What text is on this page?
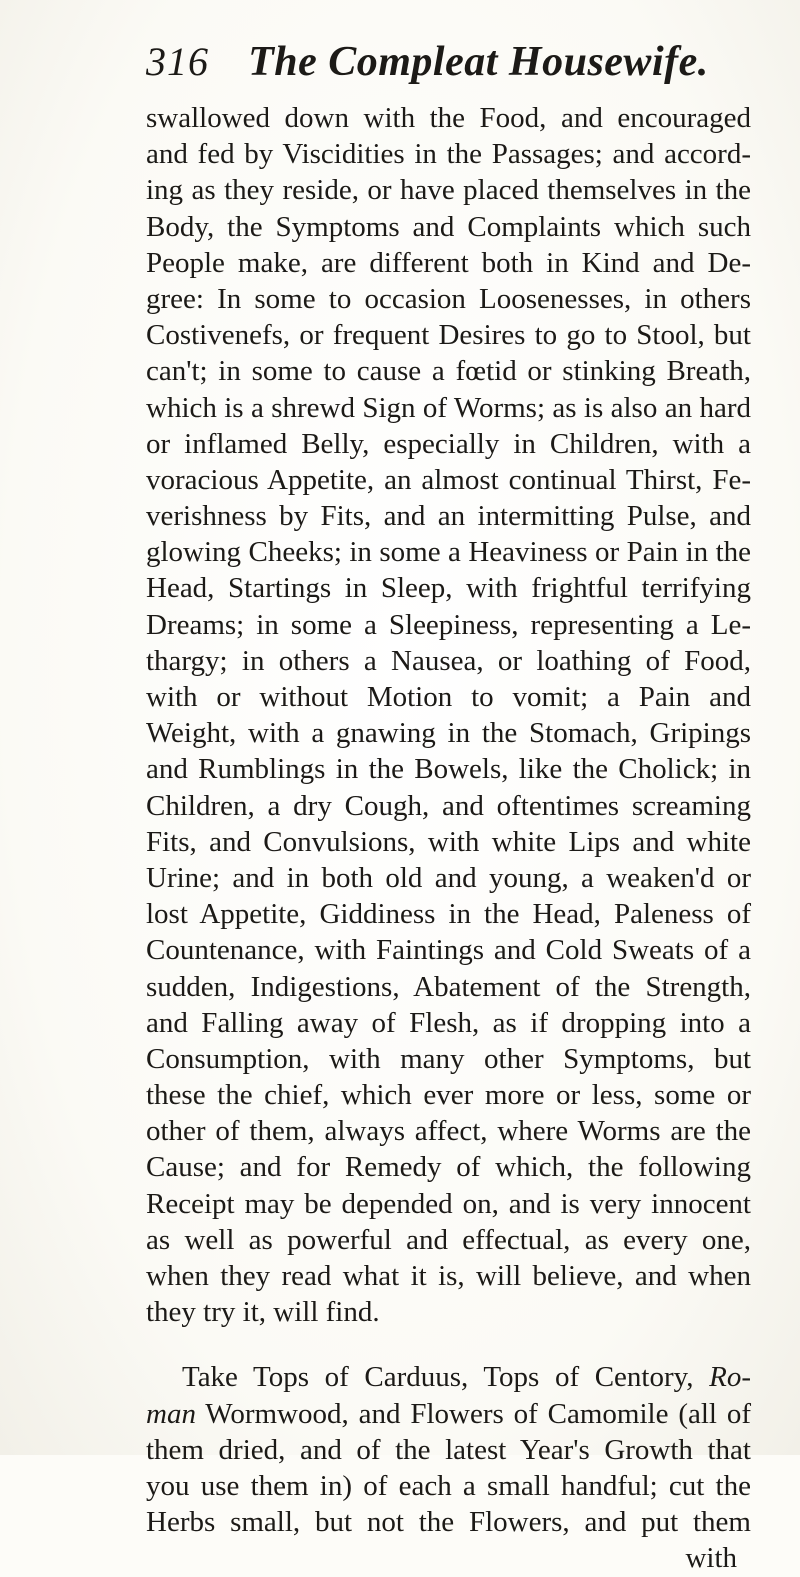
316 The Compleat Housewife.
swallowed down with the Food, and encouraged
and fed by Viscidities in the Passages; and accord-
ing as they reside, or have placed themselves in the
Body, the Symptoms and Complaints which such
People make, are different both in Kind and De-
gree: In some to occasion Loosenesses, in others
Costivenefs, or frequent Desires to go to Stool, but
can't; in some to cause a fœtid or stinking Breath,
which is a shrewd Sign of Worms; as is also an hard
or inflamed Belly, especially in Children, with a
voracious Appetite, an almost continual Thirst, Fe-
verishness by Fits, and an intermitting Pulse, and
glowing Cheeks; in some a Heaviness or Pain in the
Head, Startings in Sleep, with frightful terrifying
Dreams; in some a Sleepiness, representing a Le-
thargy; in others a Nausea, or loathing of Food,
with or without Motion to vomit; a Pain and
Weight, with a gnawing in the Stomach, Gripings
and Rumblings in the Bowels, like the Cholick; in
Children, a dry Cough, and oftentimes screaming
Fits, and Convulsions, with white Lips and white
Urine; and in both old and young, a weaken'd or
lost Appetite, Giddiness in the Head, Paleness of
Countenance, with Faintings and Cold Sweats of a
sudden, Indigestions, Abatement of the Strength,
and Falling away of Flesh, as if dropping into a
Consumption, with many other Symptoms, but
these the chief, which ever more or less, some or
other of them, always affect, where Worms are the
Cause; and for Remedy of which, the following
Receipt may be depended on, and is very innocent
as well as powerful and effectual, as every one,
when they read what it is, will believe, and when
they try it, will find.
Take Tops of Carduus, Tops of Centory, Ro-
man Wormwood, and Flowers of Camomile (all of
them dried, and of the latest Year's Growth that
you use them in) of each a small handful; cut the
Herbs small, but not the Flowers, and put them
with
